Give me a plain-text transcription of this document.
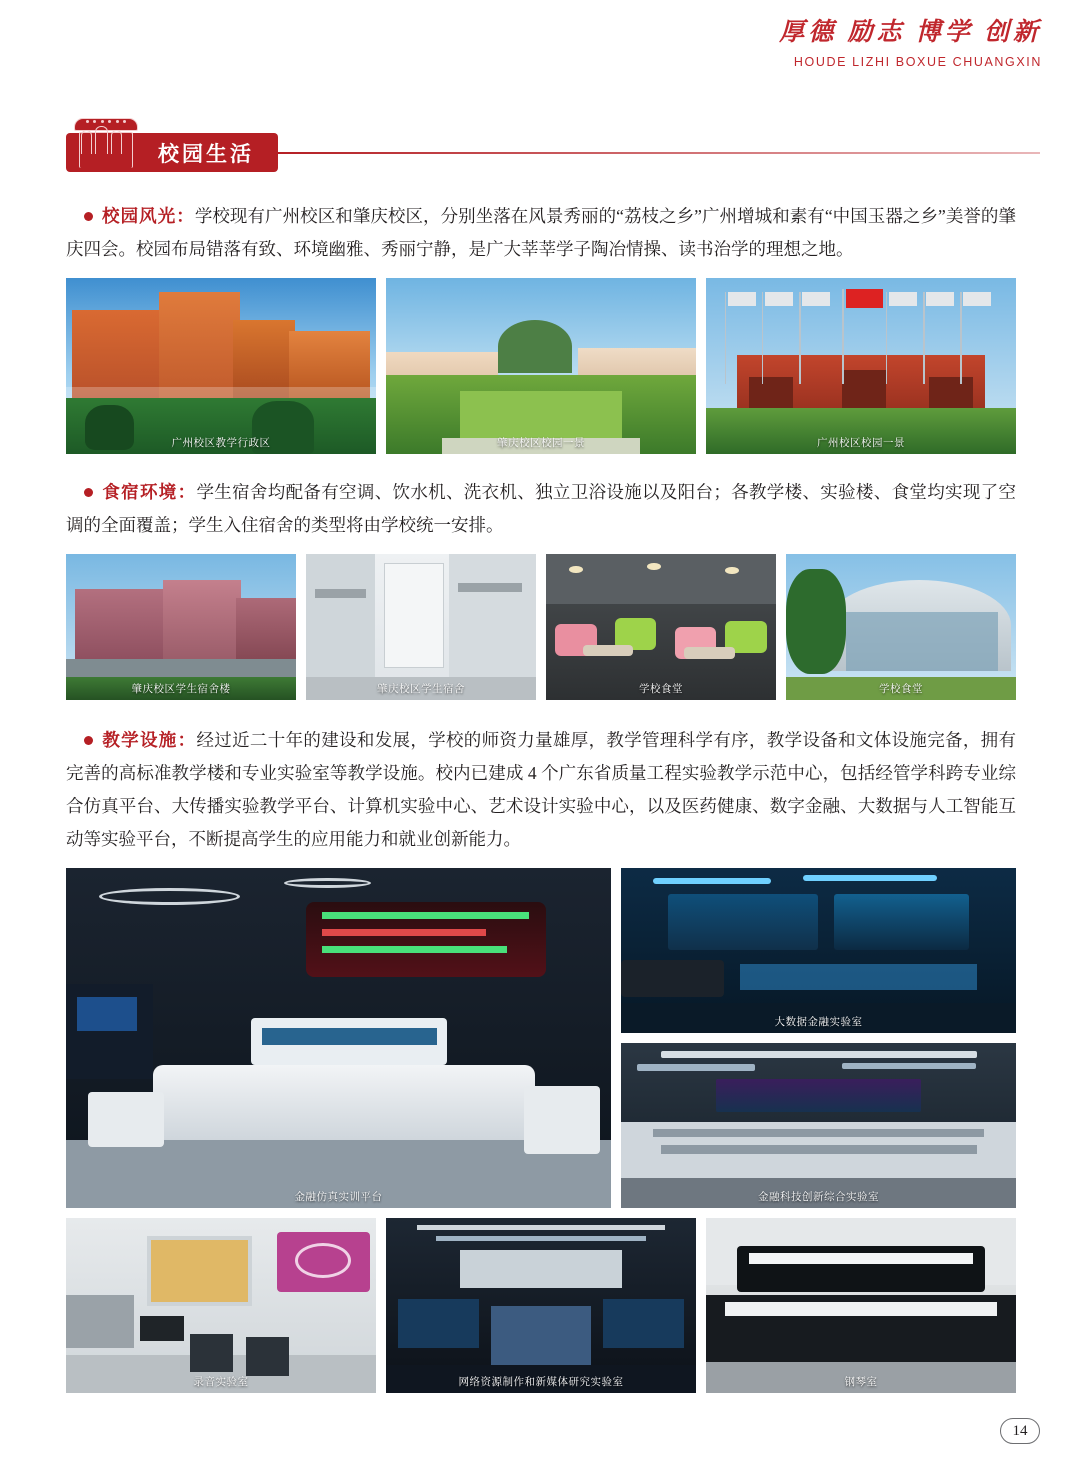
厚德 励志 博学 创新
HOUDE LIZHI BOXUE CHUANGXIN
校园生活

校园风光：学校现有广州校区和肇庆校区，分别坐落在风景秀丽的“荔枝之乡”广州增城和素有“中国玉器之乡”美誉的肇庆四会。校园布局错落有致、环境幽雅、秀丽宁静，是广大莘莘学子陶冶情操、读书治学的理想之地。

广州校区教学行政区	肇庆校区校园一景	广州校区校园一景

食宿环境：学生宿舍均配备有空调、饮水机、洗衣机、独立卫浴设施以及阳台；各教学楼、实验楼、食堂均实现了空调的全面覆盖；学生入住宿舍的类型将由学校统一安排。

肇庆校区学生宿舍楼	肇庆校区学生宿舍	学校食堂	学校食堂

教学设施：经过近二十年的建设和发展，学校的师资力量雄厚，教学管理科学有序，教学设备和文体设施完备，拥有完善的高标准教学楼和专业实验室等教学设施。校内已建成 4 个广东省质量工程实验教学示范中心，包括经管学科跨专业综合仿真平台、大传播实验教学平台、计算机实验中心、艺术设计实验中心，以及医药健康、数字金融、大数据与人工智能互动等实验平台，不断提高学生的应用能力和就业创新能力。

金融仿真实训平台
大数据金融实验室
金融科技创新综合实验室
录音实验室	网络资源制作和新媒体研究实验室	钢琴室
14
